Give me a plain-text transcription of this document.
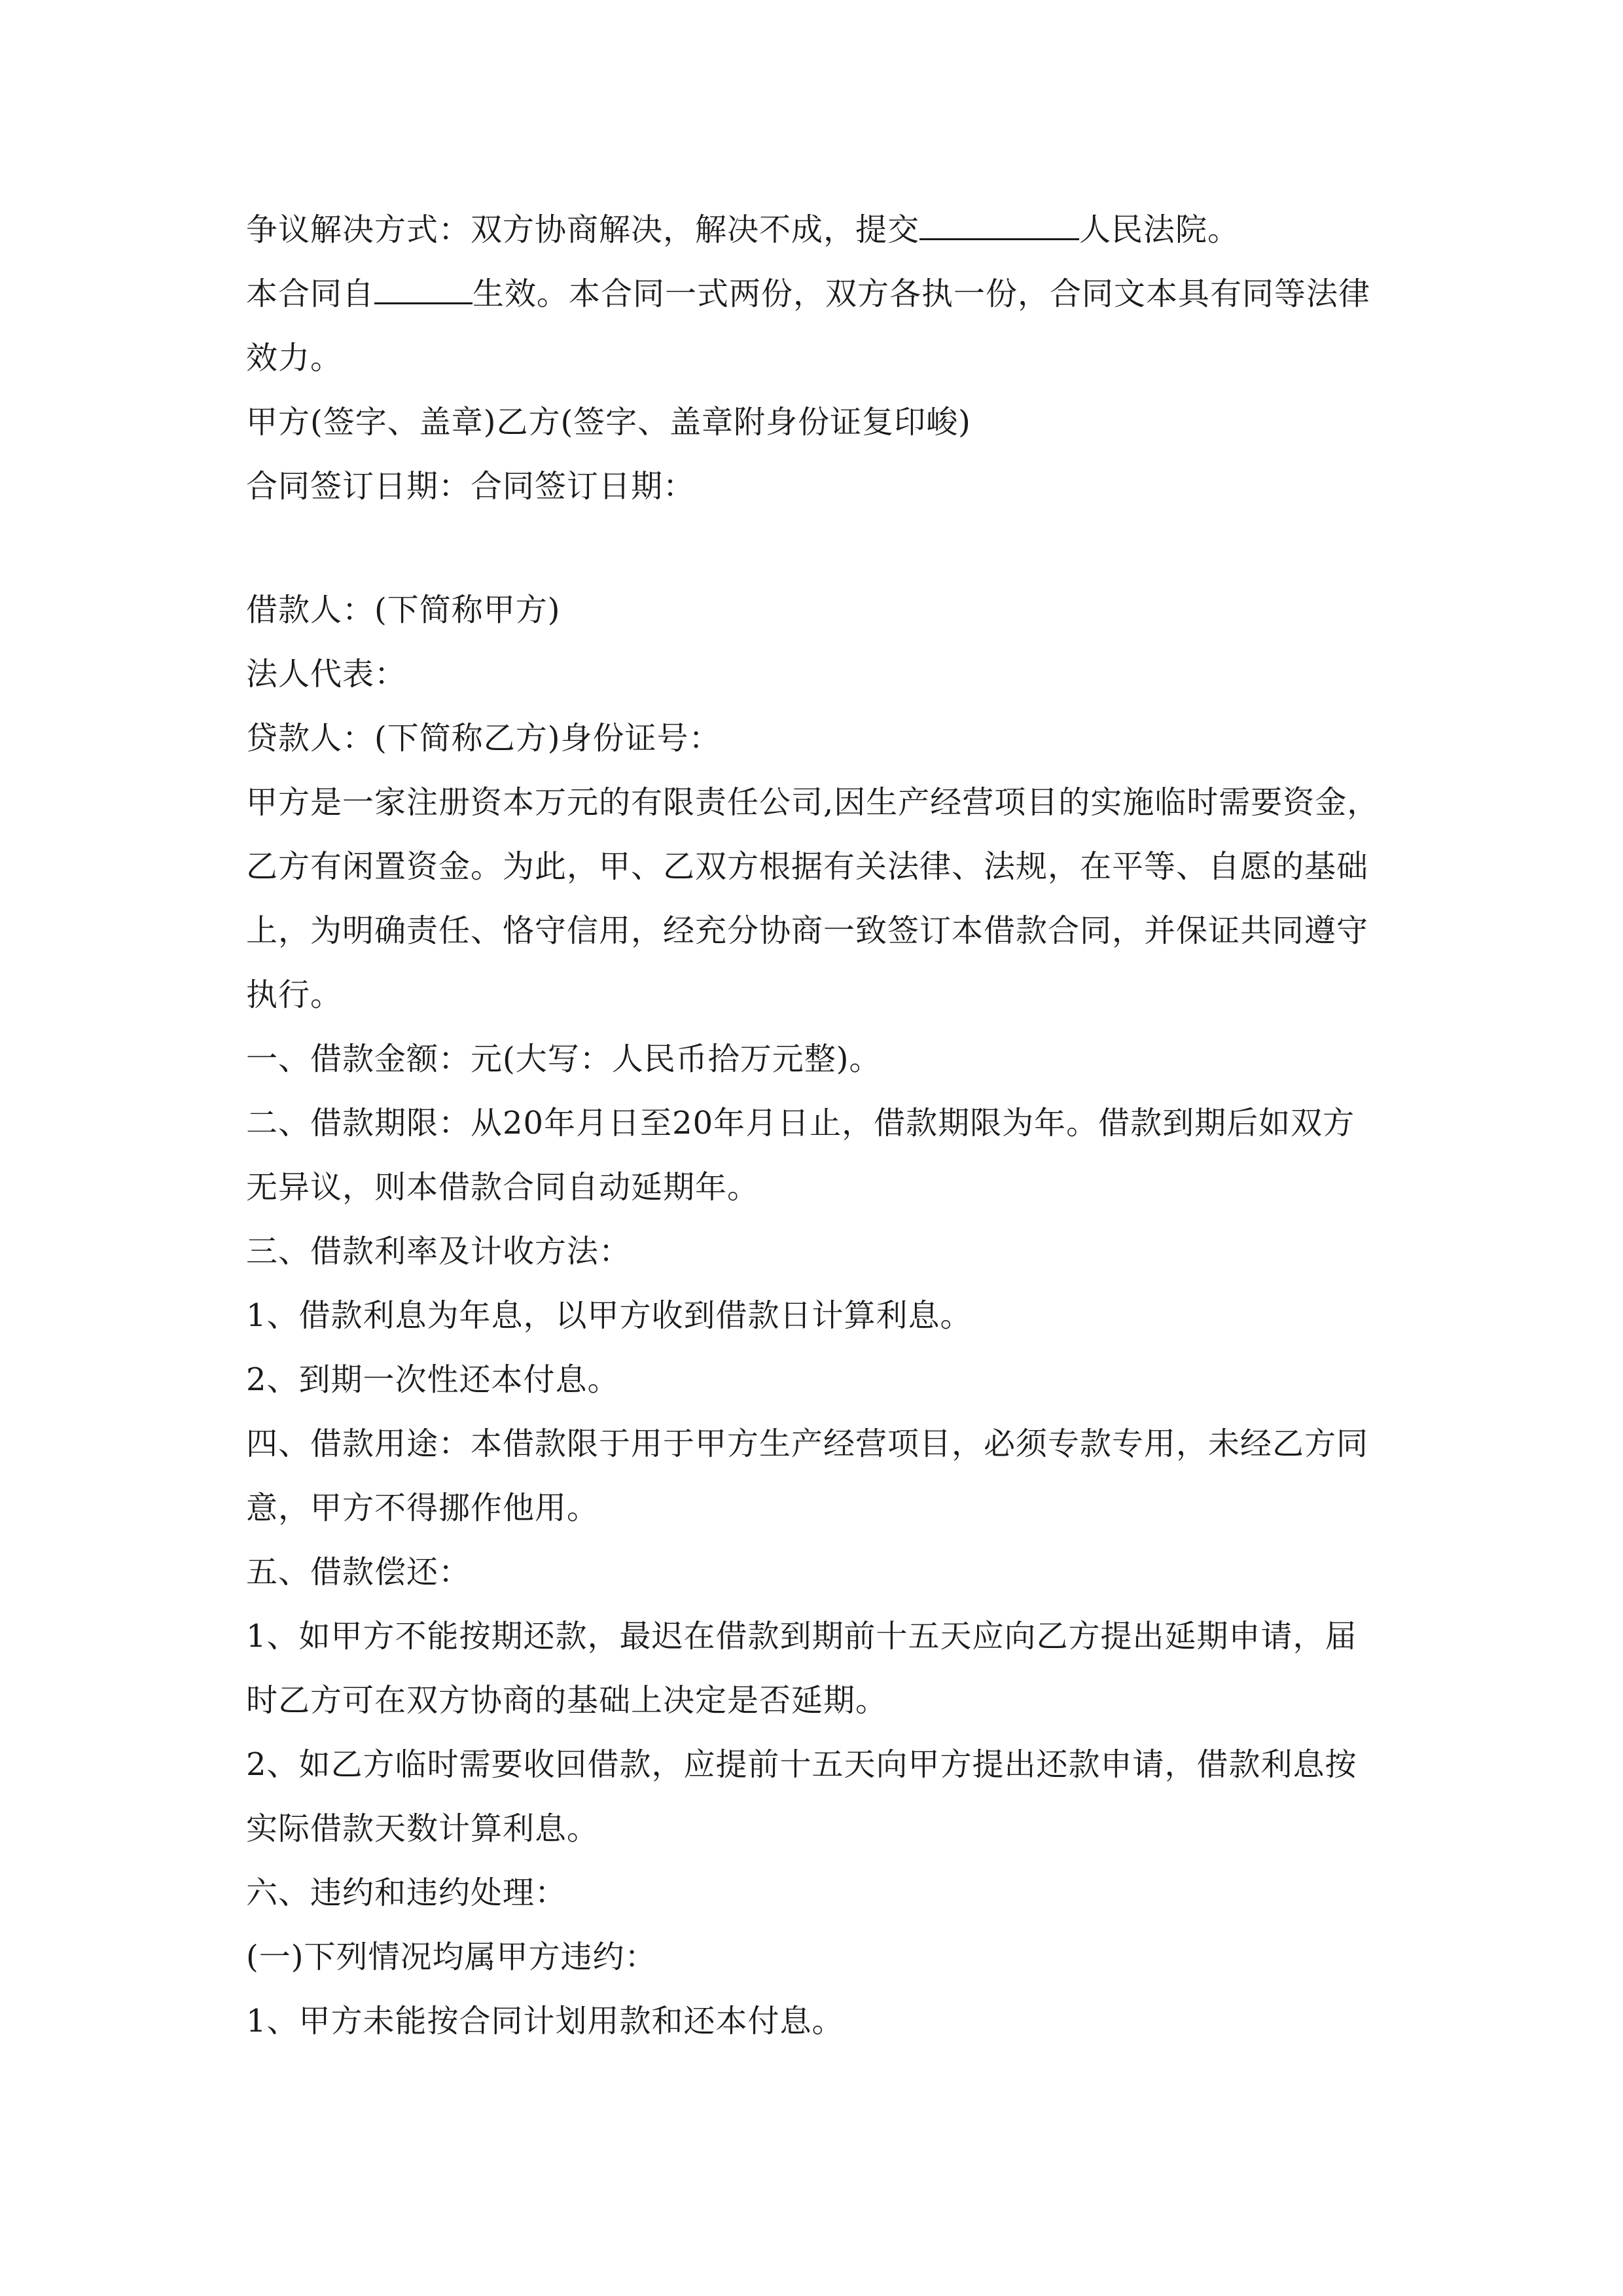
争议解决方式：双方协商解决，解决不成，提交	人民法院。
本合同自	生效。本合同一式两份，双方各执一份，合同文本具有同等法律
效力。
甲方(签字、盖章)乙方(签字、盖章附身份证复印峻)
合同签订日期：合同签订日期：
借款人：(下简称甲方)
法人代表：
贷款人：(下简称乙方)身份证号：
甲方是一家注册资本万元的有限责任公司,因生产经营项目的实施临时需要资金，
乙方有闲置资金。为此，甲、乙双方根据有关法律、法规，在平等、自愿的基础
上，为明确责任、恪守信用，经充分协商一致签订本借款合同，并保证共同遵守
执行。
一、借款金额：元(大写：人民币拾万元整)。
二、借款期限：从20年月日至20年月日止，借款期限为年。借款到期后如双方
无异议，则本借款合同自动延期年。
三、借款利率及计收方法：
1、借款利息为年息，以甲方收到借款日计算利息。
2、到期一次性还本付息。
四、借款用途：本借款限于用于甲方生产经营项目，必须专款专用，未经乙方同
意，甲方不得挪作他用。
五、借款偿还：
1、如甲方不能按期还款，最迟在借款到期前十五天应向乙方提出延期申请，届
时乙方可在双方协商的基础上决定是否延期。
2、如乙方临时需要收回借款，应提前十五天向甲方提出还款申请，借款利息按
实际借款天数计算利息。
六、违约和违约处理：
(一)下列情况均属甲方违约：
1、甲方未能按合同计划用款和还本付息。
